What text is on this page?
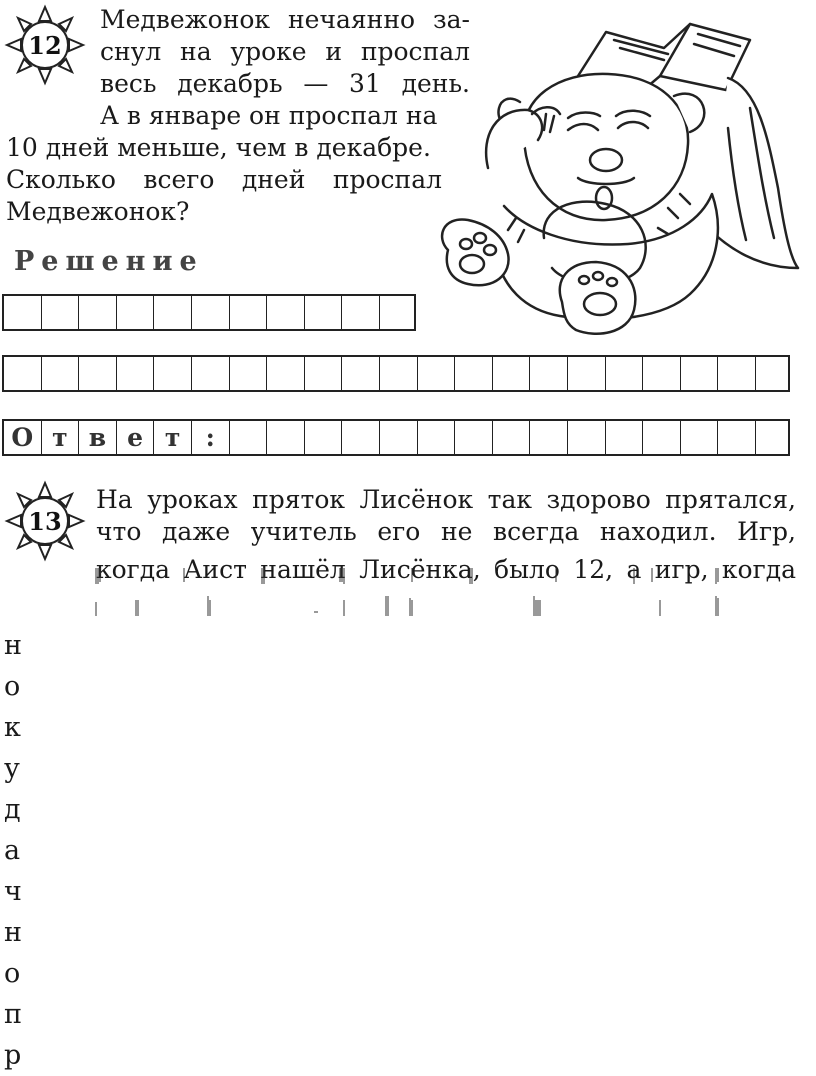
12
Медвежонок нечаянно за-
снул на уроке и проспал
весь декабрь — 31 день.
А в январе он проспал на
10 дней меньше, чем в декабре.
Сколько всего дней проспал
Медвежонок?
Решение
О т в е т	:
13
На уроках пряток Лисёнок так здорово прятался,
что даже учитель его не всегда находил. Игр,
когда Аист нашёл Лисёнка, было 12, а игр, когда
н
о
к
у
д
а
ч
н
о
п
р
